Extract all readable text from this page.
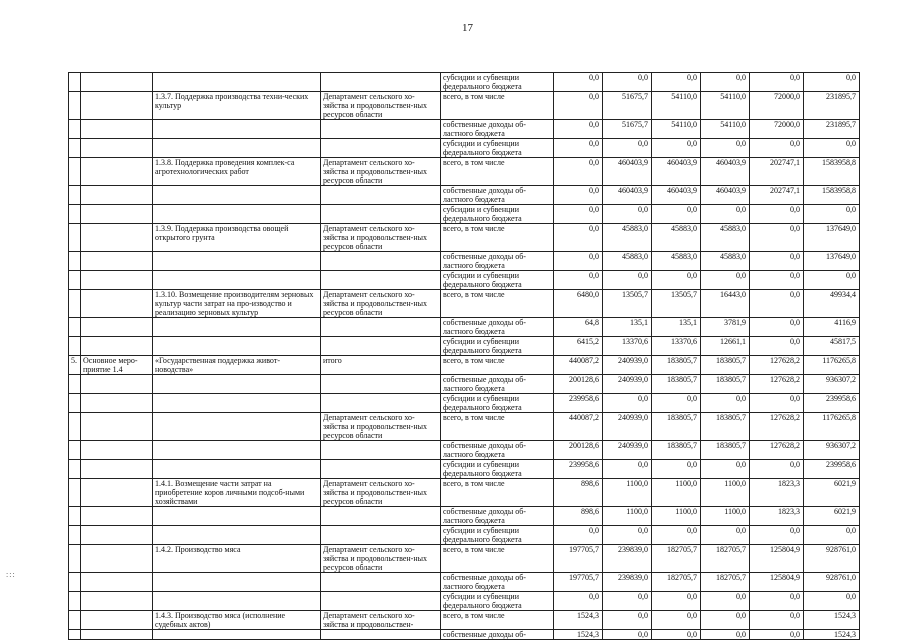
17
:::
				субсидии и субвенции федерального бюджета	0,0	0,0	0,0	0,0	0,0	0,0
		1.3.7. Поддержка производства техни-ческих культур	Департамент сельского хо-зяйства и продовольствен-ных ресурсов области	всего, в том числе	0,0	51675,7	54110,0	54110,0	72000,0	231895,7
				собственные доходы об-ластного бюджета	0,0	51675,7	54110,0	54110,0	72000,0	231895,7
				субсидии и субвенции федерального бюджета	0,0	0,0	0,0	0,0	0,0	0,0
		1.3.8. Поддержка проведения комплек-са агротехнологических работ	Департамент сельского хо-зяйства и продовольствен-ных ресурсов области	всего, в том числе	0,0	460403,9	460403,9	460403,9	202747,1	1583958,8
				собственные доходы об-ластного бюджета	0,0	460403,9	460403,9	460403,9	202747,1	1583958,8
				субсидии и субвенции федерального бюджета	0,0	0,0	0,0	0,0	0,0	0,0
		1.3.9. Поддержка производства овощей открытого грунта	Департамент сельского хо-зяйства и продовольствен-ных ресурсов области	всего, в том числе	0,0	45883,0	45883,0	45883,0	0,0	137649,0
				собственные доходы об-ластного бюджета	0,0	45883,0	45883,0	45883,0	0,0	137649,0
				субсидии и субвенции федерального бюджета	0,0	0,0	0,0	0,0	0,0	0,0
		1.3.10. Возмещение производителям зерновых культур части затрат на про-изводство и реализацию зерновых культур	Департамент сельского хо-зяйства и продовольствен-ных ресурсов области	всего, в том числе	6480,0	13505,7	13505,7	16443,0	0,0	49934,4
				собственные доходы об-ластного бюджета	64,8	135,1	135,1	3781,9	0,0	4116,9
				субсидии и субвенции федерального бюджета	6415,2	13370,6	13370,6	12661,1	0,0	45817,5
5.	Основное меро-приятие 1.4	«Государственная поддержка живот-новодства»	итого	всего, в том числе	440087,2	240939,0	183805,7	183805,7	127628,2	1176265,8
				собственные доходы об-ластного бюджета	200128,6	240939,0	183805,7	183805,7	127628,2	936307,2
				субсидии и субвенции федерального бюджета	239958,6	0,0	0,0	0,0	0,0	239958,6
			Департамент сельского хо-зяйства и продовольствен-ных ресурсов области	всего, в том числе	440087,2	240939,0	183805,7	183805,7	127628,2	1176265,8
				собственные доходы об-ластного бюджета	200128,6	240939,0	183805,7	183805,7	127628,2	936307,2
				субсидии и субвенции федерального бюджета	239958,6	0,0	0,0	0,0	0,0	239958,6
		1.4.1. Возмещение части затрат на приобретение коров личными подсоб-ными хозяйствами	Департамент сельского хо-зяйства и продовольствен-ных ресурсов области	всего, в том числе	898,6	1100,0	1100,0	1100,0	1823,3	6021,9
				собственные доходы об-ластного бюджета	898,6	1100,0	1100,0	1100,0	1823,3	6021,9
				субсидии и субвенции федерального бюджета	0,0	0,0	0,0	0,0	0,0	0,0
		1.4.2. Производство мяса	Департамент сельского хо-зяйства и продовольствен-ных ресурсов области	всего, в том числе	197705,7	239839,0	182705,7	182705,7	125804,9	928761,0
				собственные доходы об-ластного бюджета	197705,7	239839,0	182705,7	182705,7	125804,9	928761,0
				субсидии и субвенции федерального бюджета	0,0	0,0	0,0	0,0	0,0	0,0
		1.4.3. Производство мяса (исполнение судебных актов)	Департамент сельского хо-зяйства и продовольствен-	всего, в том числе	1524,3	0,0	0,0	0,0	0,0	1524,3
				собственные доходы об-	1524,3	0,0	0,0	0,0	0,0	1524,3
